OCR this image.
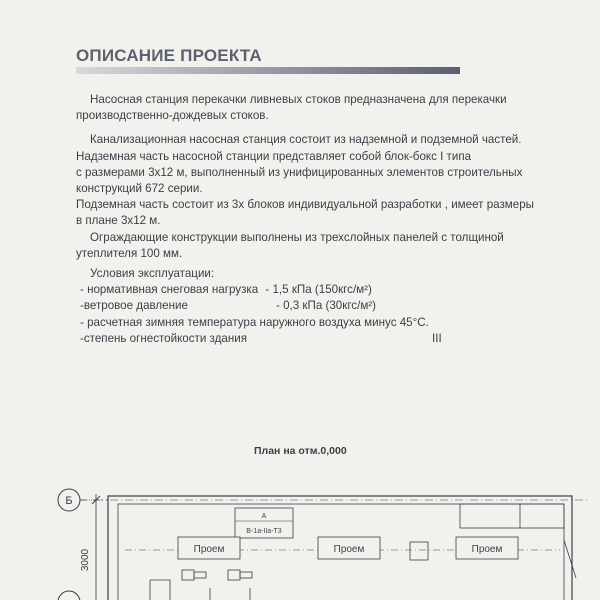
ОПИСАНИЕ ПРОЕКТА

Насосная станция перекачки ливневых стоков предназначена для перекачки

производственно-дождевых стоков.

Канализационная насосная станция состоит из надземной и подземной частей.

Надземная часть насосной станции представляет собой блок-бокс I типа

с размерами 3х12 м, выполненный из унифицированных элементов строительных

конструкций 672 серии.

Подземная часть состоит из 3х блоков индивидуальной разработки , имеет размеры

в плане 3х12 м.

Ограждающие конструкции выполнены из трехслойных панелей с толщиной

утеплителя 100 мм.

Условия эксплуатации:

- нормативная снеговая нагрузка - 1,5 кПа (150кгс/м²)
-ветровое давление	- 0,3 кПа (30кгс/м²)
- расчетная зимняя температура наружного воздуха минус 45°С.
-степень огнестойкости здания	III
План на отм.0,000
Б
3000
А
В-1а-IIа-Т3
Проем	Проем	Проем
